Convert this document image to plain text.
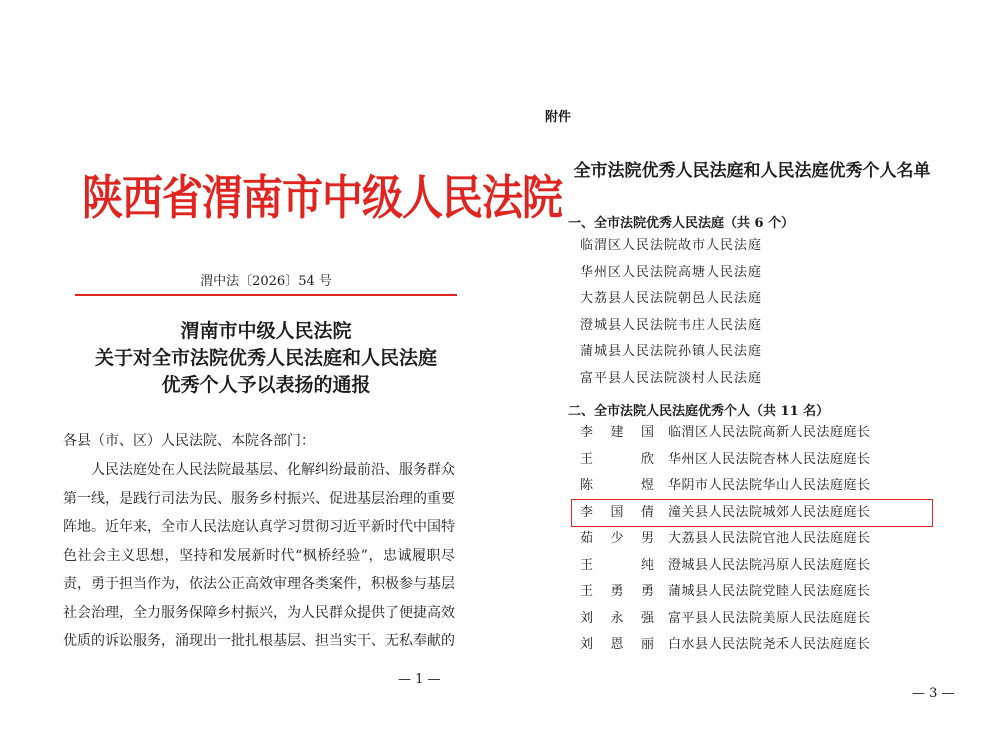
陕西省渭南市中级人民法院
渭中法〔2026〕54 号
渭南市中级人民法院
关于对全市法院优秀人民法庭和人民法庭
优秀个人予以表扬的通报
各县（市、区）人民法院、本院各部门：
人民法庭处在人民法院最基层、化解纠纷最前沿、服务群众
第一线，是践行司法为民、服务乡村振兴、促进基层治理的重要
阵地。近年来，全市人民法庭认真学习贯彻习近平新时代中国特
色社会主义思想，坚持和发展新时代“枫桥经验”，忠诚履职尽
责，勇于担当作为，依法公正高效审理各类案件，积极参与基层
社会治理，全力服务保障乡村振兴，为人民群众提供了便捷高效
优质的诉讼服务，涌现出一批扎根基层、担当实干、无私奉献的
— 1 —
附件
全市法院优秀人民法庭和人民法庭优秀个人名单
一、全市法院优秀人民法庭（共 6 个）
临渭区人民法院故市人民法庭
华州区人民法院高塘人民法庭
大荔县人民法院朝邑人民法庭
澄城县人民法院韦庄人民法庭
蒲城县人民法院孙镇人民法庭
富平县人民法院淡村人民法庭
二、全市法院人民法庭优秀个人（共 11 名）
李建国 临渭区人民法院高新人民法庭庭长
王　欣 华州区人民法院杏林人民法庭庭长
陈　煜 华阴市人民法院华山人民法庭庭长
李国倩 潼关县人民法院城郊人民法庭庭长
茹少男 大荔县人民法院官池人民法庭庭长
王　纯 澄城县人民法院冯原人民法庭庭长
王勇勇 蒲城县人民法院党睦人民法庭庭长
刘永强 富平县人民法院美原人民法庭庭长
刘恩丽 白水县人民法院尧禾人民法庭庭长
— 3 —
